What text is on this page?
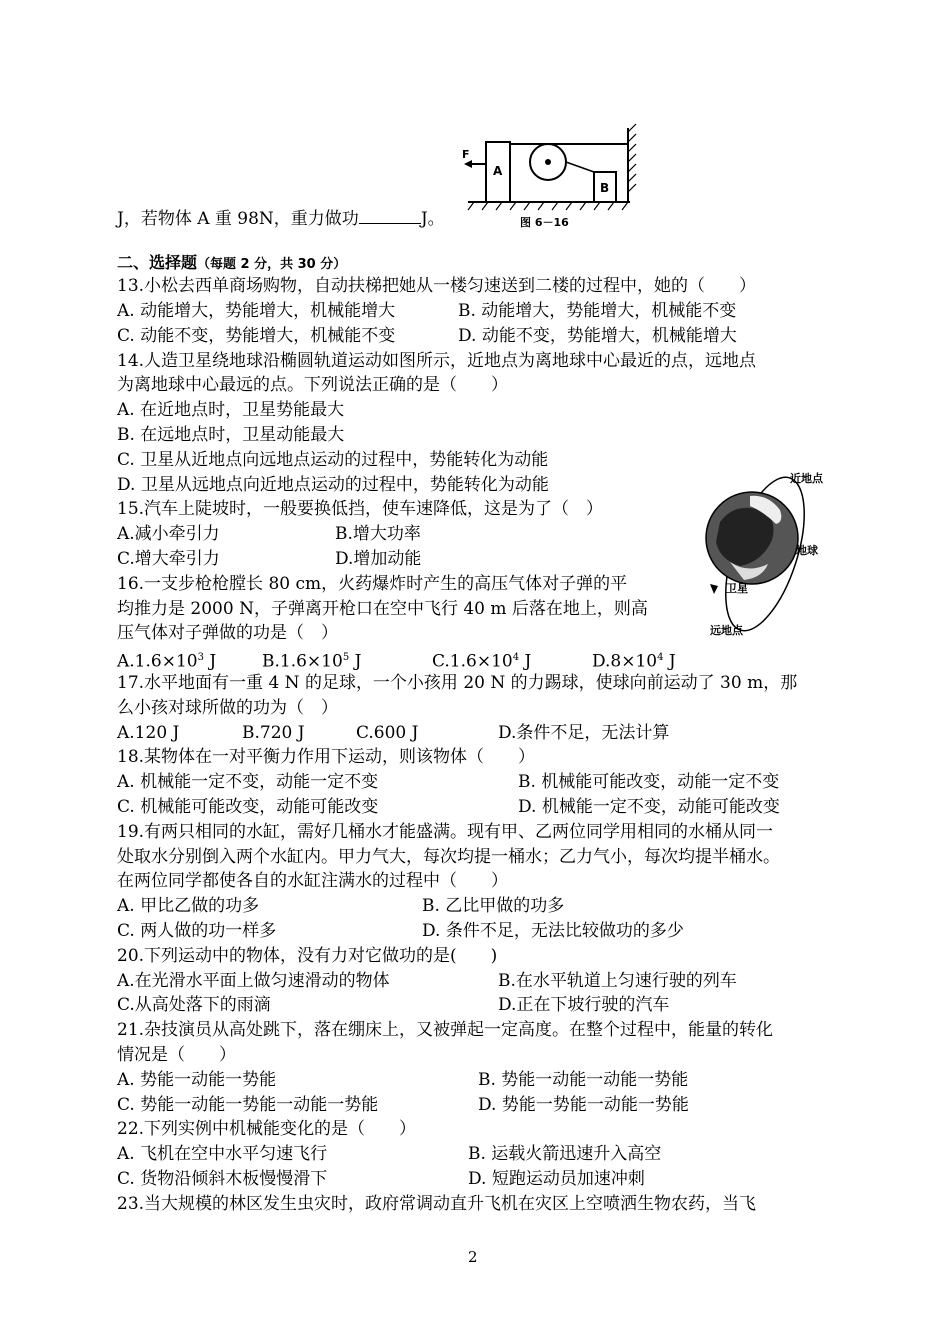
A
F
B
图 6－16
近地点
地球
卫星
远地点
J，若物体 A 重 98N，重力做功	J。
二、选择题（每题 2 分，共 30 分）
13.小松去西单商场购物，自动扶梯把她从一楼匀速送到二楼的过程中，她的（　　）
A. 动能增大，势能增大，机械能增大	B. 动能增大，势能增大，机械能不变
C. 动能不变，势能增大，机械能不变	D. 动能不变，势能增大，机械能增大
14.人造卫星绕地球沿椭圆轨道运动如图所示，近地点为离地球中心最近的点，远地点
为离地球中心最远的点。下列说法正确的是（　　）
A. 在近地点时，卫星势能最大
B. 在远地点时，卫星动能最大
C. 卫星从近地点向远地点运动的过程中，势能转化为动能
D. 卫星从远地点向近地点运动的过程中，势能转化为动能
15.汽车上陡坡时，一般要换低挡，使车速降低，这是为了（　）
A.减小牵引力	B.增大功率
C.增大牵引力	D.增加动能
16.一支步枪枪膛长 80 cm，火药爆炸时产生的高压气体对子弹的平
均推力是 2000 N，子弹离开枪口在空中飞行 40 m 后落在地上，则高
压气体对子弹做的功是（　）
$A.1.6\times 10^3$ J	$B.1.6\times 10^5$ J	$C.1.6\times 10^4$ J	$D.8\times 10^4$ J
17.水平地面有一重 4 N 的足球，一个小孩用 20 N 的力踢球，使球向前运动了 30 m，那
么小孩对球所做的功为（　）
A.120 J	B.720 J	C.600 J	D.条件不足，无法计算
18.某物体在一对平衡力作用下运动，则该物体（　　）
A. 机械能一定不变，动能一定不变	B. 机械能可能改变，动能一定不变
C. 机械能可能改变，动能可能改变	D. 机械能一定不变，动能可能改变
19.有两只相同的水缸，需好几桶水才能盛满。现有甲、乙两位同学用相同的水桶从同一
处取水分别倒入两个水缸内。甲力气大，每次均提一桶水；乙力气小，每次均提半桶水。
在两位同学都使各自的水缸注满水的过程中（　　）
A. 甲比乙做的功多	B. 乙比甲做的功多
C. 两人做的功一样多	D. 条件不足，无法比较做功的多少
20.下列运动中的物体，没有力对它做功的是(　　)
A.在光滑水平面上做匀速滑动的物体	B.在水平轨道上匀速行驶的列车
C.从高处落下的雨滴	D.正在下坡行驶的汽车
21.杂技演员从高处跳下，落在绷床上，又被弹起一定高度。在整个过程中，能量的转化
情况是（　　）
A. 势能一动能一势能	B. 势能一动能一动能一势能
C. 势能一动能一势能一动能一势能	D. 势能一势能一动能一势能
22.下列实例中机械能变化的是（　　）
A. 飞机在空中水平匀速飞行	B. 运载火箭迅速升入高空
C. 货物沿倾斜木板慢慢滑下	D. 短跑运动员加速冲刺
23.当大规模的林区发生虫灾时，政府常调动直升飞机在灾区上空喷洒生物农药，当飞
2
